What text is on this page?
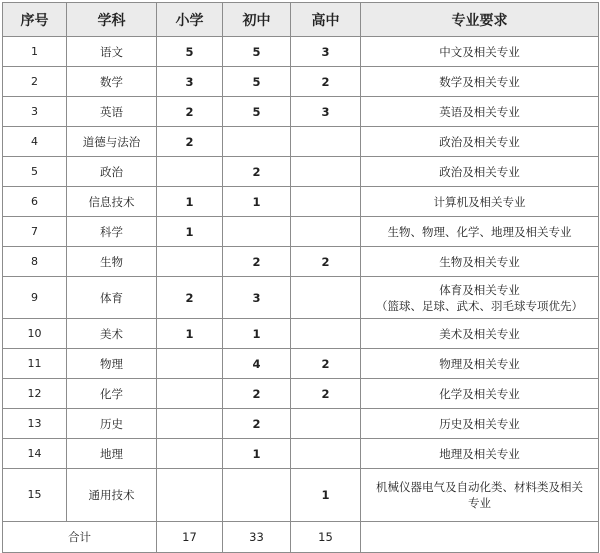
序号	学科	小学	初中	高中	专业要求
1	语文	5	5	3	中文及相关专业
2	数学	3	5	2	数学及相关专业
3	英语	2	5	3	英语及相关专业
4	道德与法治	2			政治及相关专业
5	政治		2		政治及相关专业
6	信息技术	1	1		计算机及相关专业
7	科学	1			生物、物理、化学、地理及相关专业
8	生物		2	2	生物及相关专业
9	体育	2	3		体育及相关专业
（篮球、足球、武术、羽毛球专项优先）

10	美术	1	1		美术及相关专业
11	物理		4	2	物理及相关专业
12	化学		2	2	化学及相关专业
13	历史		2		历史及相关专业
14	地理		1		地理及相关专业
15	通用技术			1	机械仪器电气及自动化类、材料类及相关
专业

合计		17	33	15	
